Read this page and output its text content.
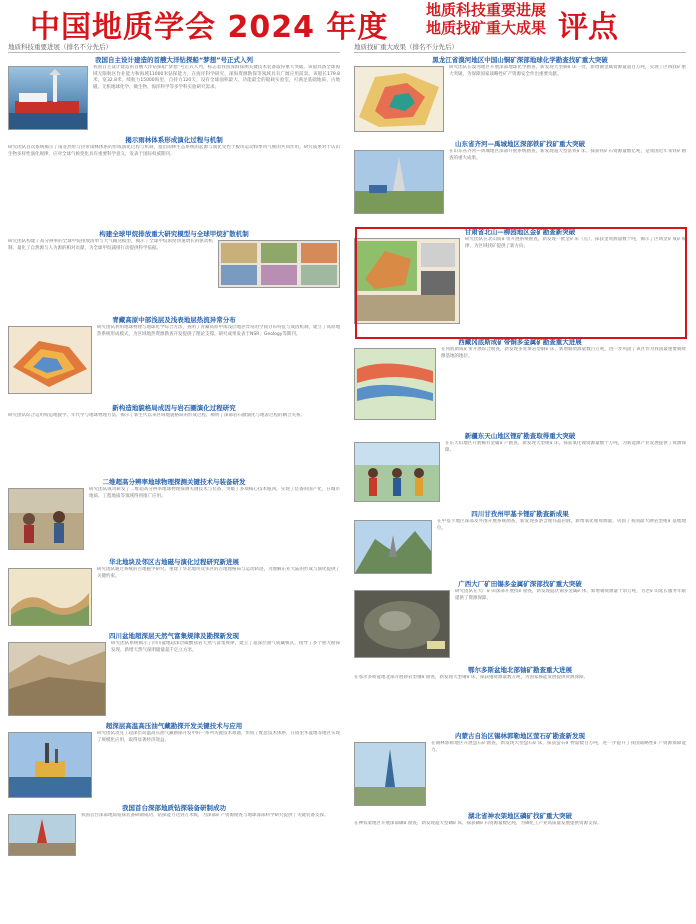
中国地质学会 2024 年度	地质科技重要进展
地质找矿重大成果 评点
地质科技重要进展（排名不分先后）
我国自主设计建造的首艘大洋钻探船“梦想”号正式入列
我国自主设计建造的首艘大洋钻探船“梦想”号正式入列，标志着我国深海探测关键技术装备取得重大突破。该船具备全球海域无限航区作业能力和海域11000米钻探能力，在海洋科学研究、深海资源勘探等领域具有广阔应用前景。该船长179.8米、宽32.8米，续航力15000海里，自持力120天，设有全球面积最大、功能最全的船载实验室，可满足基础地质、古地磁、无机地球化学、微生物、海洋科学等多学科实验研究需求。
揭示雨林体系形成演化过程与机制
研究团队首次系统揭示了南亚热带与热带雨林体系的形成演化过程与机制，提出雨林生态系统的起源与演化受控于板块运动和季风气候的共同作用。研究成果对于认识生物多样性演化规律、应对全球气候变化具有重要科学意义，发表于国际权威期刊。
构建全球甲烷排放重大研究模型与全球甲烷扩散机制
研究团队构建了高分辨率的全球甲烷排放清单与大气输送模型，揭示了全球甲烷浓度快速增长的驱动机制，量化了自然源与人为源的相对贡献，为全球甲烷减排行动提供科学依据。
青藏高原中部浅层及浅表地层热流异常分布
研究团队利用地球物理与地球化学综合方法，查明了青藏高原中部浅层地热异常的空间分布特征与成因机制，建立了高原地热系统形成模式，为区域地热资源勘查开发提供了理论支撑。研究成果发表于NSR、Geology等期刊。
新构造地貌格局成因与岩石圈演化过程研究
研究团队综合运用构造地貌学、年代学与地球物理方法，揭示了新生代以来区域地貌格局的形成过程，阐明了深部岩石圈演化与地表过程的耦合关系。
二维超高分辨率地球物理探测关键技术与装备研发
研究团队成功研发了二维超高分辨率地球物理探测关键技术与装备，突破了多项核心技术瓶颈，实现了装备的国产化，在城市地质、工程地质等领域得到推广应用。
华北地块及邻区古地磁与演化过程研究新进展
研究团队通过系统的古地磁学研究，重建了华北地块及邻区的古地理格局与运动轨迹，为理解东亚大陆的形成与演化提供了关键约束。
四川盆地超深层天然气富集规律及勘探新发现
研究团队系统揭示了四川盆地超深层碳酸盐岩天然气富集规律，建立了超深层油气成藏模式，指导了多个重大勘探发现，新增天然气探明储量超千亿立方米。
超深层高温高压油气藏勘探开发关键技术与应用
研究团队攻克了超深层高温高压油气藏勘探开发中的一系列关键技术难题，形成了配套技术体系，在塔里木盆地等地区实现了规模化应用，取得显著经济效益。
我国首台深部地质钻探装备研制成功
我国首台深部地质钻探装备研制成功，钻探能力达到万米级，为深部矿产资源勘查与地球深部科学研究提供了关键装备支撑。
地质找矿重大成果（排名不分先后）
黑龙江省漠河地区中国山铜矿深部地球化学勘查找矿重大突破
研究团队在漠河地区开展深部地球化学勘查，新发现大型铜矿床一处，新增铜金属资源量超百万吨，实现了区域找矿重大突破，为保障国家战略性矿产资源安全作出重要贡献。
山东省齐河—禹城地区深部铁矿找矿重大突破
在山东省齐河—禹城地区深部开展系统勘查，新发现超大型富铁矿床，探获铁矿石资源量数亿吨，是我国近年来铁矿勘查的重大成果。
甘肃省北山—柳园地区金矿勘查新突破
研究团队在北山成矿带开展系统勘查，新发现一批金矿床（点），探获金资源量数十吨，揭示了区域金矿成矿规律，为区域找矿提供了新方向。
西藏冈底斯成矿带铜多金属矿勘查重大进展
在冈底斯成矿带开展综合勘查，新发现多处斑岩型铜矿床，新增铜资源量数百万吨，进一步巩固了该区作为我国最重要铜资源基地的地位。
新疆东天山地区锂矿勘查取得重大突破
在东天山地区开展稀有金属矿产勘查，新发现大型锂矿床，探获氧化锂资源量数十万吨，为新能源产业发展提供了资源保障。
四川甘孜州甲基卡锂矿勘查新成果
在甲基卡地区深部及外围开展系统勘查，新发现多条含锂伟晶岩脉，新增氧化锂资源量，巩固了我国最大硬岩型锂矿基地地位。
广西大厂矿田锡多金属矿深部找矿重大突破
研究团队在大厂矿田深部开展找矿勘查，新发现隐伏锡多金属矿体，新增锡资源量十余万吨，为老矿山延长服务年限提供了资源保障。
鄂尔多斯盆地北部铀矿勘查重大进展
在鄂尔多斯盆地北部开展砂岩型铀矿勘查，新发现大型铀矿床，探获铀资源量数万吨，为国家核能发展提供资源保障。
内蒙古自治区锡林郭勒地区萤石矿勘查新发现
在锡林郭勒地区开展萤石矿勘查，新发现大型萤石矿床，探获萤石矿物量数百万吨，进一步提升了我国战略性矿产资源保障能力。
湖北省神农架地区磷矿找矿重大突破
在神农架地区开展深部磷矿勘查，新发现超大型磷矿床，探获磷矿石资源量数亿吨，为磷化工产业高质量发展提供资源支撑。
